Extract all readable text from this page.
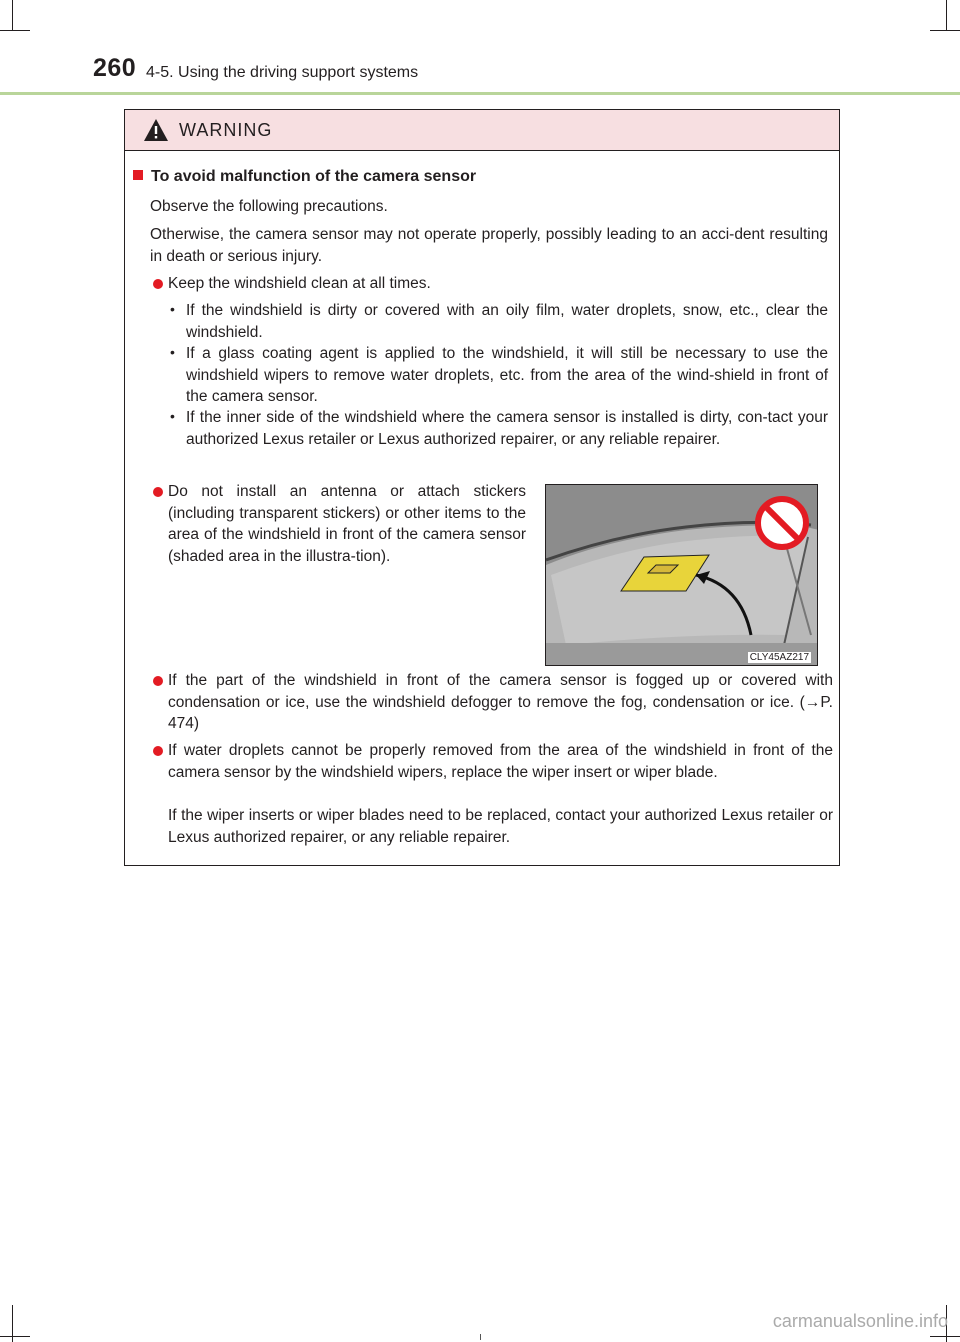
260 4-5. Using the driving support systems
WARNING
To avoid malfunction of the camera sensor
Observe the following precautions.
Otherwise, the camera sensor may not operate properly, possibly leading to an acci-dent resulting in death or serious injury.
Keep the windshield clean at all times.
• If the windshield is dirty or covered with an oily film, water droplets, snow, etc., clear the windshield.
• If a glass coating agent is applied to the windshield, it will still be necessary to use the windshield wipers to remove water droplets, etc. from the area of the wind-shield in front of the camera sensor.
• If the inner side of the windshield where the camera sensor is installed is dirty, con-tact your authorized Lexus retailer or Lexus authorized repairer, or any reliable repairer.
Do not install an antenna or attach stickers (including transparent stickers) or other items to the area of the windshield in front of the camera sensor (shaded area in the illustra-tion).
CLY45AZ217
If the part of the windshield in front of the camera sensor is fogged up or covered with condensation or ice, use the windshield defogger to remove the fog, condensation or ice. (→P. 474)
If water droplets cannot be properly removed from the area of the windshield in front of the camera sensor by the windshield wipers, replace the wiper insert or wiper blade.
If the wiper inserts or wiper blades need to be replaced, contact your authorized Lexus retailer or Lexus authorized repairer, or any reliable repairer.
carmanualsonline.info
